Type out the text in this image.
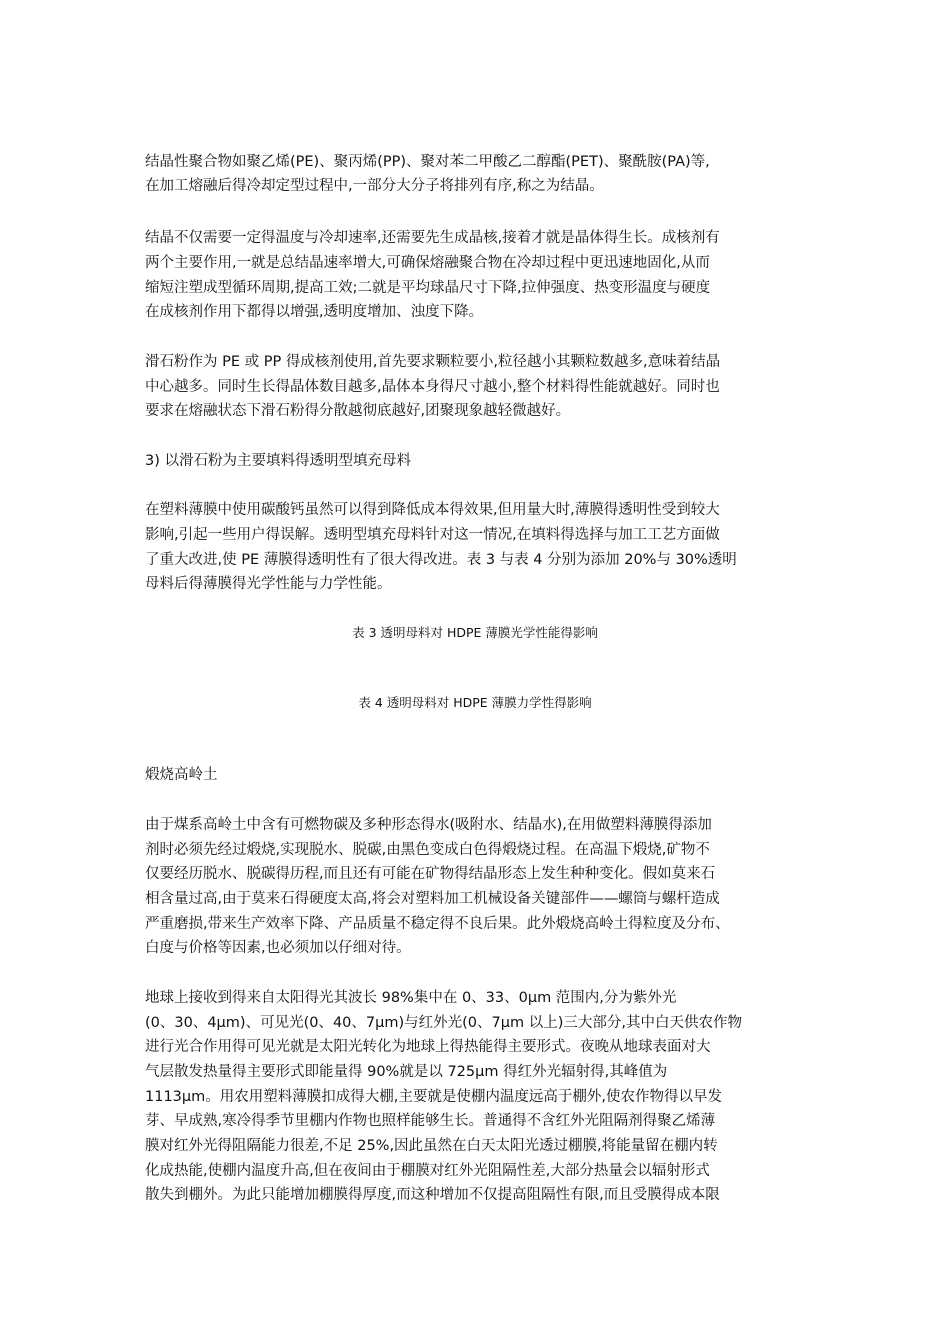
结晶性聚合物如聚乙烯(PE)、聚丙烯(PP)、聚对苯二甲酸乙二醇酯(PET)、聚酰胺(PA)等,
在加工熔融后得冷却定型过程中,一部分大分子将排列有序,称之为结晶。
结晶不仅需要一定得温度与冷却速率,还需要先生成晶核,接着才就是晶体得生长。成核剂有
两个主要作用,一就是总结晶速率增大,可确保熔融聚合物在冷却过程中更迅速地固化,从而
缩短注塑成型循环周期,提高工效;二就是平均球晶尺寸下降,拉伸强度、热变形温度与硬度
在成核剂作用下都得以增强,透明度增加、浊度下降。
滑石粉作为 PE 或 PP 得成核剂使用,首先要求颗粒要小,粒径越小其颗粒数越多,意味着结晶
中心越多。同时生长得晶体数目越多,晶体本身得尺寸越小,整个材料得性能就越好。同时也
要求在熔融状态下滑石粉得分散越彻底越好,团聚现象越轻微越好。
3) 以滑石粉为主要填料得透明型填充母料
在塑料薄膜中使用碳酸钙虽然可以得到降低成本得效果,但用量大时,薄膜得透明性受到较大
影响,引起一些用户得误解。透明型填充母料针对这一情况,在填料得选择与加工工艺方面做
了重大改进,使 PE 薄膜得透明性有了很大得改进。表 3 与表 4 分别为添加 20%与 30%透明
母料后得薄膜得光学性能与力学性能。
表 3 透明母料对 HDPE 薄膜光学性能得影响
表 4 透明母料对 HDPE 薄膜力学性得影响
煅烧高岭土
由于煤系高岭土中含有可燃物碳及多种形态得水(吸附水、结晶水),在用做塑料薄膜得添加
剂时必须先经过煅烧,实现脱水、脱碳,由黑色变成白色得煅烧过程。在高温下煅烧,矿物不
仅要经历脱水、脱碳得历程,而且还有可能在矿物得结晶形态上发生种种变化。假如莫来石
相含量过高,由于莫来石得硬度太高,将会对塑料加工机械设备关键部件——螺筒与螺杆造成
严重磨损,带来生产效率下降、产品质量不稳定得不良后果。此外煅烧高岭土得粒度及分布、
白度与价格等因素,也必须加以仔细对待。
地球上接收到得来自太阳得光其波长 98%集中在 0、33、0μm 范围内,分为紫外光
(0、30、4μm)、可见光(0、40、7μm)与红外光(0、7μm 以上)三大部分,其中白天供农作物
进行光合作用得可见光就是太阳光转化为地球上得热能得主要形式。夜晚从地球表面对大
气层散发热量得主要形式即能量得 90%就是以 725μm 得红外光辐射得,其峰值为
1113μm。用农用塑料薄膜扣成得大棚,主要就是使棚内温度远高于棚外,使农作物得以早发
芽、早成熟,寒冷得季节里棚内作物也照样能够生长。普通得不含红外光阻隔剂得聚乙烯薄
膜对红外光得阻隔能力很差,不足 25%,因此虽然在白天太阳光透过棚膜,将能量留在棚内转
化成热能,使棚内温度升高,但在夜间由于棚膜对红外光阻隔性差,大部分热量会以辐射形式
散失到棚外。为此只能增加棚膜得厚度,而这种增加不仅提高阻隔性有限,而且受膜得成本限
